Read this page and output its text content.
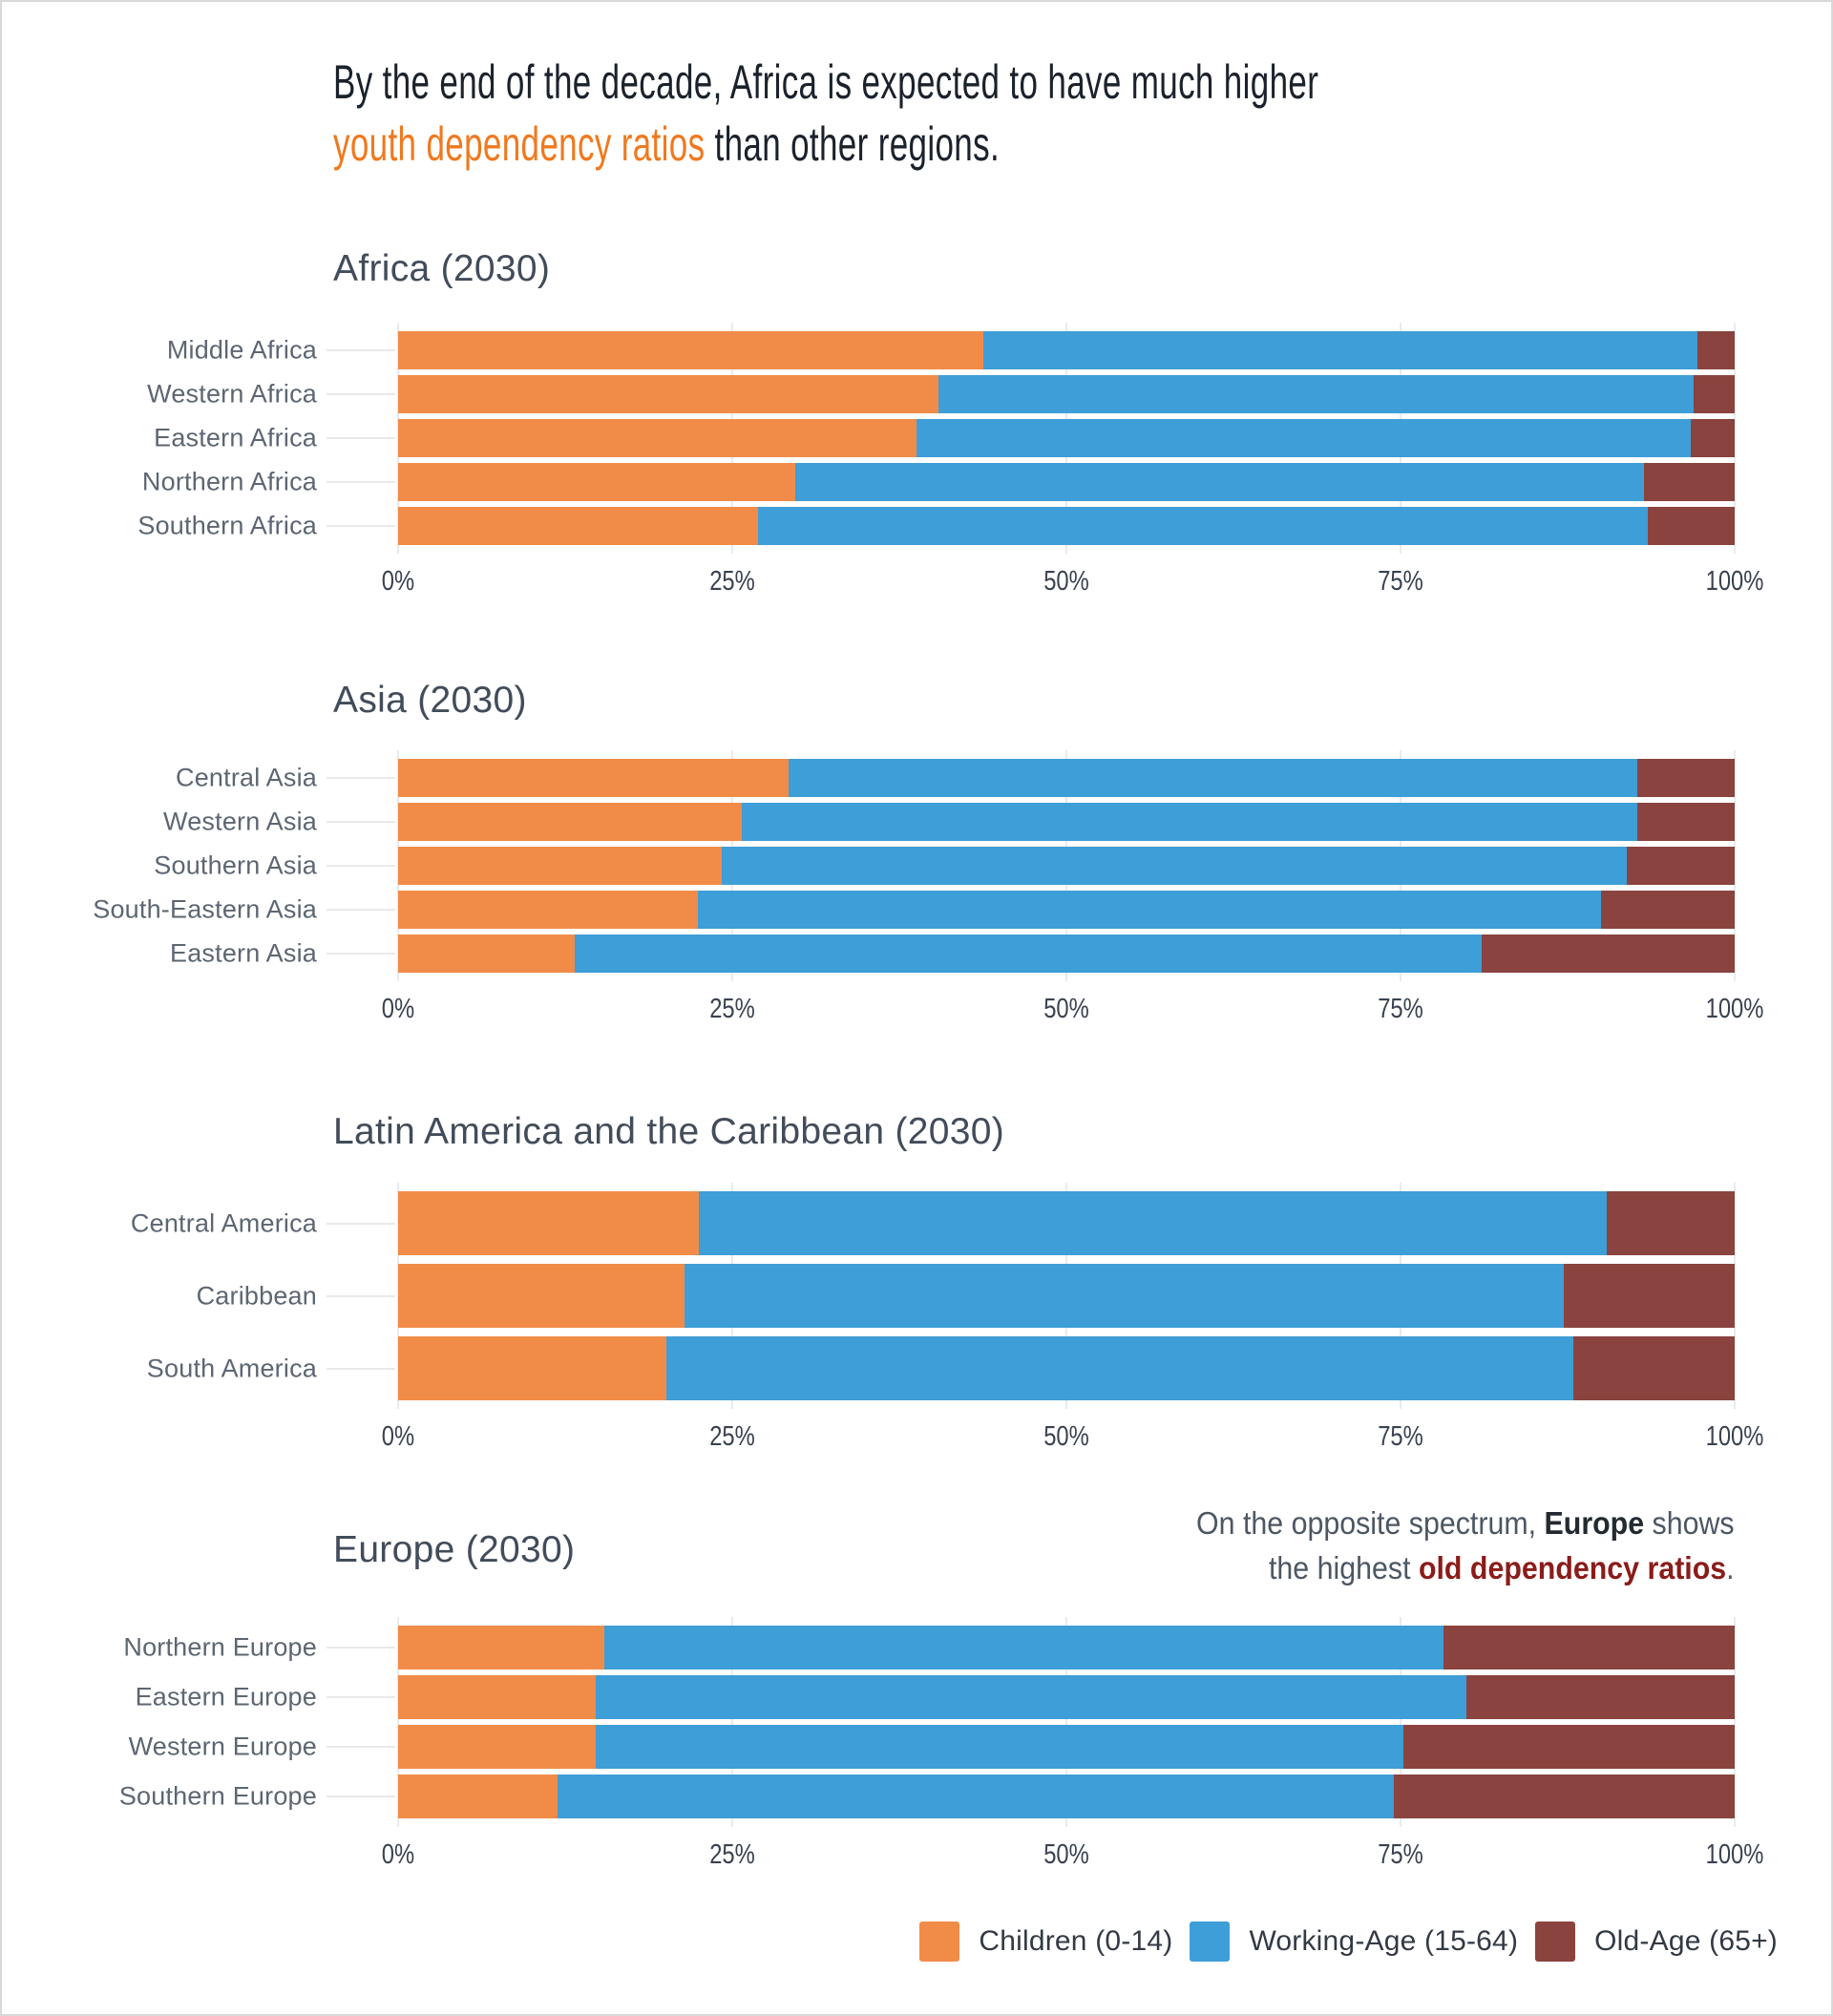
By the end of the decade, Africa is expected to have much higher
youth dependency ratios than other regions.
Africa (2030)
Middle Africa
Western Africa
Eastern Africa
Northern Africa
Southern Africa
0%	25%	50%	75%	100%
Asia (2030)
Central Asia
Western Asia
Southern Asia
South-Eastern Asia
Eastern Asia
0%	25%	50%	75%	100%
Latin America and the Caribbean (2030)
Central America
Caribbean
South America
0%	25%	50%	75%	100%
Europe (2030)
Northern Europe
Eastern Europe
Western Europe
Southern Europe
0%	25%	50%	75%	100%

On the opposite spectrum, Europe shows
the highest old dependency ratios.

Children (0-14)	Working-Age (15-64)	Old-Age (65+)
